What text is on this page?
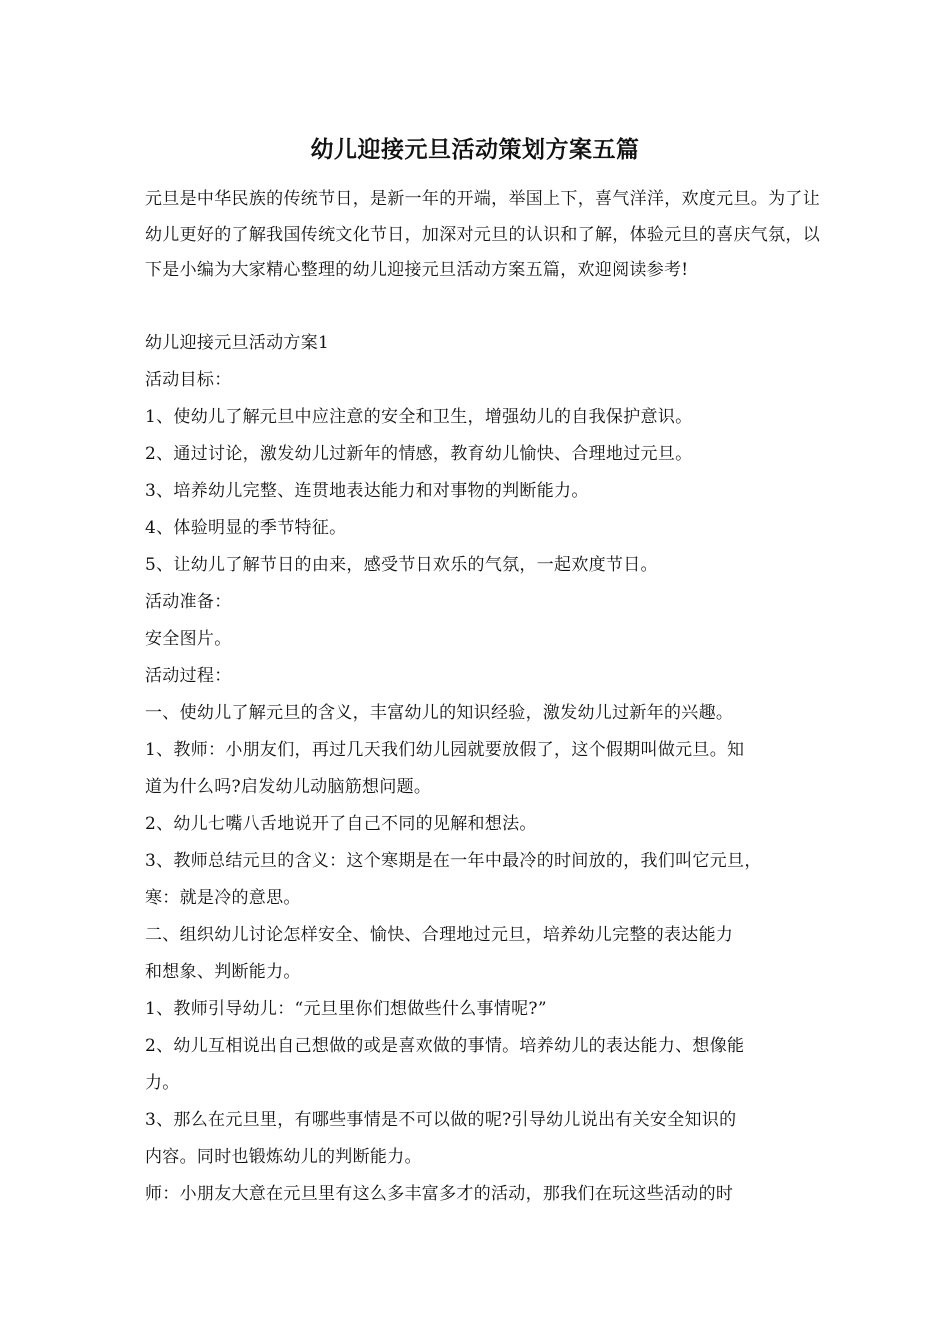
幼儿迎接元旦活动策划方案五篇

元旦是中华民族的传统节日，是新一年的开端，举国上下，喜气洋洋，欢度元旦。为了让幼儿更好的了解我国传统文化节日，加深对元旦的认识和了解，体验元旦的喜庆气氛，以下是小编为大家精心整理的幼儿迎接元旦活动方案五篇，欢迎阅读参考!

幼儿迎接元旦活动方案1

活动目标：

1、使幼儿了解元旦中应注意的安全和卫生，增强幼儿的自我保护意识。

2、通过讨论，激发幼儿过新年的情感，教育幼儿愉快、合理地过元旦。

3、培养幼儿完整、连贯地表达能力和对事物的判断能力。

4、体验明显的季节特征。

5、让幼儿了解节日的由来，感受节日欢乐的气氛，一起欢度节日。

活动准备：

安全图片。

活动过程：

一、使幼儿了解元旦的含义，丰富幼儿的知识经验，激发幼儿过新年的兴趣。

1、教师：小朋友们，再过几天我们幼儿园就要放假了，这个假期叫做元旦。知

道为什么吗?启发幼儿动脑筋想问题。

2、幼儿七嘴八舌地说开了自己不同的见解和想法。

3、教师总结元旦的含义：这个寒期是在一年中最冷的时间放的，我们叫它元旦，

寒：就是冷的意思。

二、组织幼儿讨论怎样安全、愉快、合理地过元旦，培养幼儿完整的表达能力

和想象、判断能力。

1、教师引导幼儿：“元旦里你们想做些什么事情呢?”

2、幼儿互相说出自己想做的或是喜欢做的事情。培养幼儿的表达能力、想像能

力。

3、那么在元旦里，有哪些事情是不可以做的呢?引导幼儿说出有关安全知识的

内容。同时也锻炼幼儿的判断能力。

师：小朋友大意在元旦里有这么多丰富多才的活动，那我们在玩这些活动的时
